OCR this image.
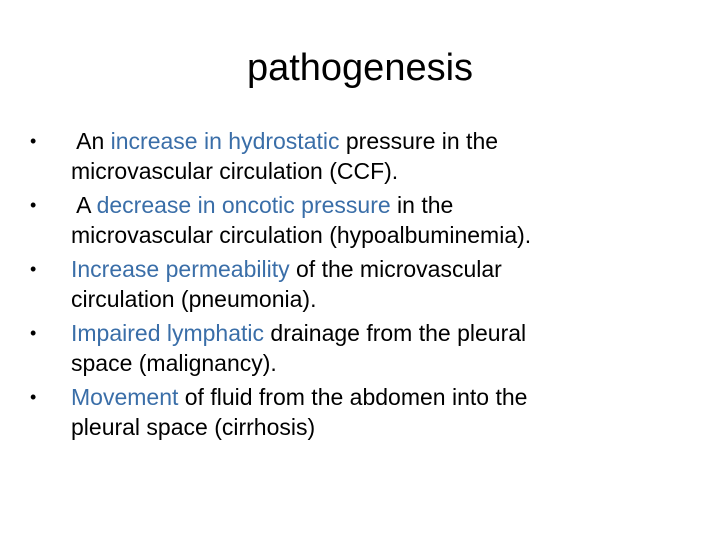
pathogenesis
•	An increase in hydrostatic pressure in the
microvascular circulation (CCF).
•	A decrease in oncotic pressure in the
microvascular circulation (hypoalbuminemia).
•	Increase permeability of the microvascular
circulation (pneumonia).
•	Impaired lymphatic drainage from the pleural
space (malignancy).
•	Movement of fluid from the abdomen into the
pleural space (cirrhosis)
